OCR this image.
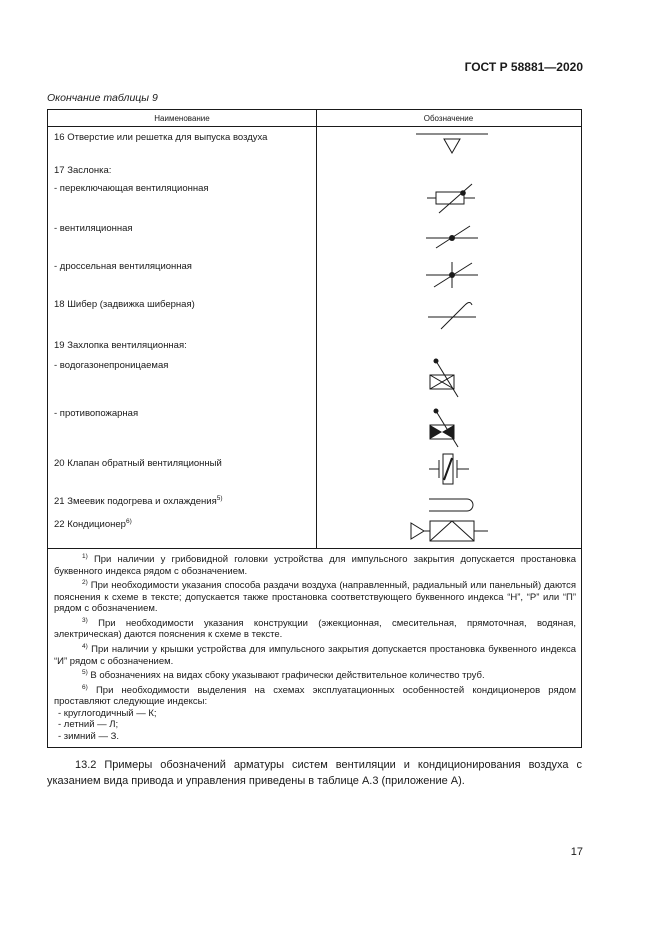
ГОСТ Р 58881—2020
Окончание таблицы 9
Наименование	Обозначение
16 Отверстие или решетка для выпуска воздуха
17 Заслонка:
- переключающая вентиляционная
- вентиляционная
- дроссельная вентиляционная
18 Шибер (задвижка шиберная)
19 Захлопка вентиляционная:
- водогазонепроницаемая
- противопожарная
20 Клапан обратный вентиляционный
21 Змеевик подогрева и охлаждения$^{5)}$
22 Кондиционер$^{6)}$

$^{1)}$ При наличии у грибовидной головки устройства для импульсного закрытия допускается простановка буквенного индекса рядом с обозначением.

$^{2)}$ При необходимости указания способа раздачи воздуха (направленный, радиальный или панельный) даются пояснения к схеме в тексте; допускается также простановка соответствующего буквенного индекса “Н”, “Р” или “П” рядом с обозначением.

$^{3)}$ При необходимости указания конструкции (эжекционная, смесительная, прямоточная, водяная, электрическая) даются пояснения к схеме в тексте.

$^{4)}$ При наличии у крышки устройства для импульсного закрытия допускается простановка буквенного индекса “И” рядом с обозначением.

$^{5)}$ В обозначениях на видах сбоку указывают графически действительное количество труб.

$^{6)}$ При необходимости выделения на схемах эксплуатационных особенностей кондиционеров рядом проставляют следующие индексы:

- круглогодичный — К;

- летний — Л;

- зимний — З.

13.2 Примеры обозначений арматуры систем вентиляции и кондиционирования воздуха с указанием вида привода и управления приведены в таблице А.3 (приложение А).
17
